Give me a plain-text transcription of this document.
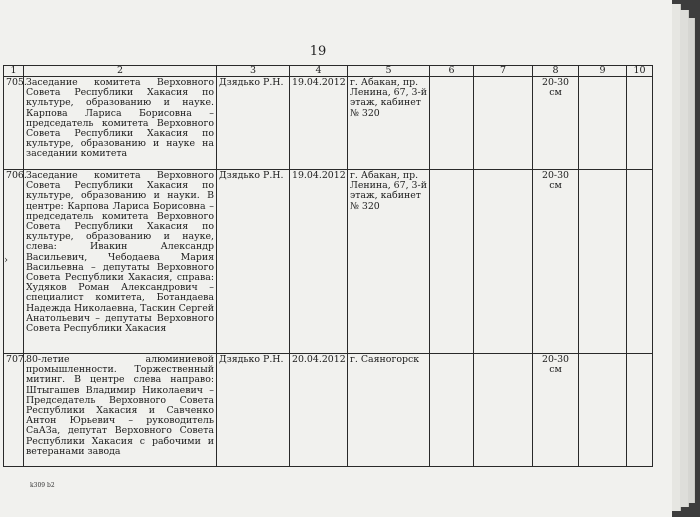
19
1	2	3	4	5	6	7	8	9	10
705.	Заседание комитета Верховного Совета Республики Хакасия по культуре, образованию и науке. Карпова Лариса Борисовна – председатель комитета Верховного Совета Республики Хакасия по культуре, образованию и науке на заседании комитета	Дзядько Р.Н.	19.04.2012	г. Абакан, пр. Ленина, 67, 3-й этаж, кабинет № 320			20-30 см		
706.	Заседание комитета Верховного Совета Республики Хакасия по культуре, образованию и науки. В центре: Карпова Лариса Борисовна – председатель комитета Верховного Совета Республики Хакасия по культуре, образованию и науке, слева: Ивакин Александр Васильевич, Чебодаева Мария Васильевна – депутаты Верховного Совета Республики Хакасия, справа: Худяков Роман Александрович – специалист комитета, Ботандаева Надежда Николаевна, Таскин Сергей Анатольевич – депутаты Верховного Совета Республики Хакасия	Дзядько Р.Н.	19.04.2012	г. Абакан, пр. Ленина, 67, 3-й этаж, кабинет № 320			20-30 см		
707.	80-летие алюминиевой промышленности. Торжественный митинг. В центре слева направо: Штыгашев Владимир Николаевич – Председатель Верховного Совета Республики Хакасия и Савченко Антон Юрьевич – руководитель СаАЗа, депутат Верховного Совета Республики Хакасия с рабочими и ветеранами завода	Дзядько Р.Н.	20.04.2012	г. Саяногорск			20-30 см		
›
k309 b2
